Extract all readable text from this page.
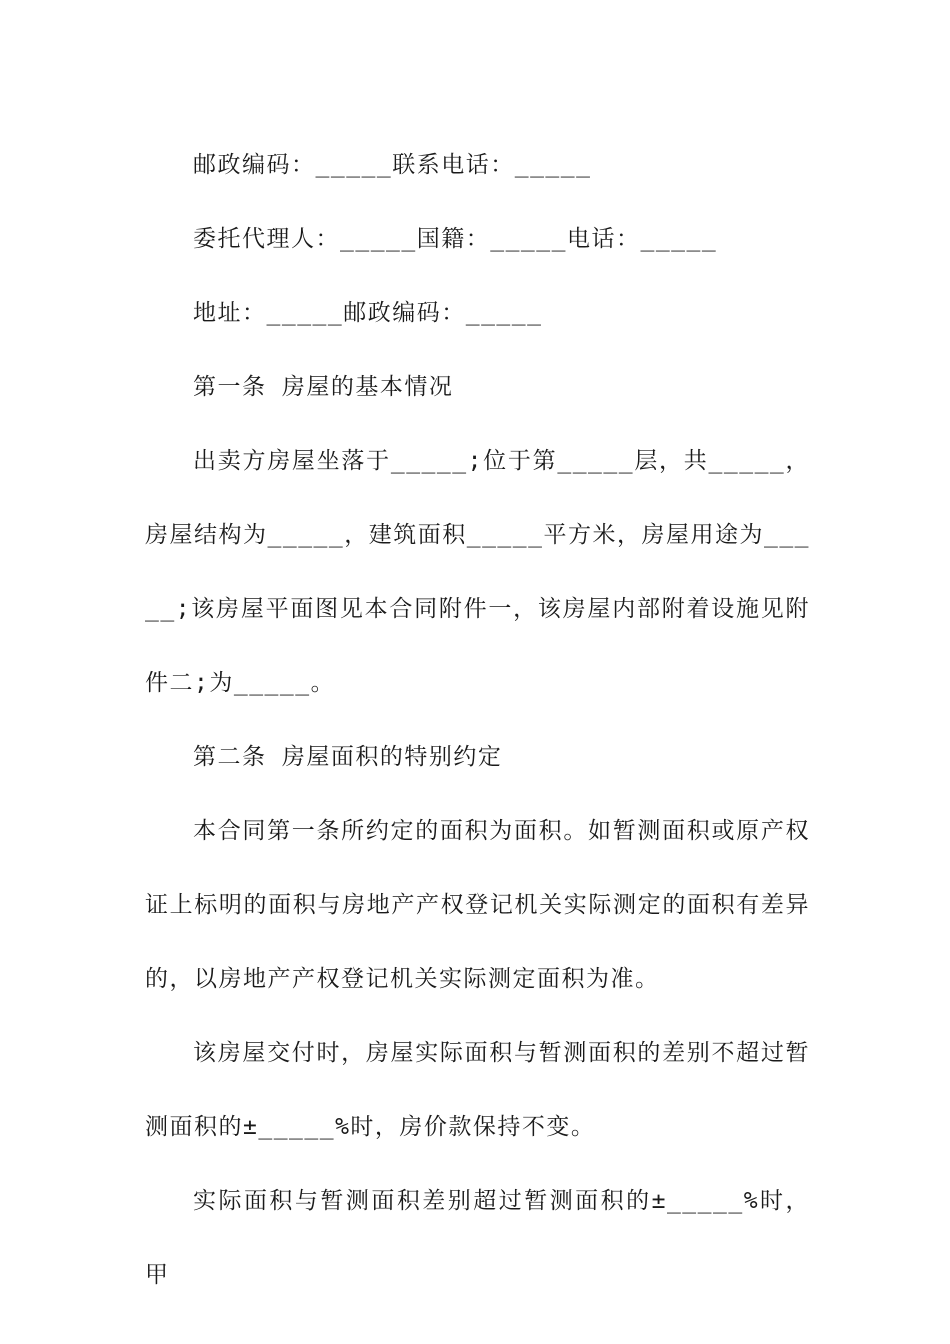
邮政编码：_____联系电话：_____

委托代理人：_____国籍：_____电话：_____

地址：_____邮政编码：_____

第一条 房屋的基本情况

出卖方房屋坐落于_____;位于第_____层，共_____，房屋结构为_____，建筑面积_____平方米，房屋用途为_____;该房屋平面图见本合同附件一，该房屋内部附着设施见附件二;为_____。

第二条 房屋面积的特别约定

本合同第一条所约定的面积为面积。如暂测面积或原产权证上标明的面积与房地产产权登记机关实际测定的面积有差异的，以房地产产权登记机关实际测定面积为准。

该房屋交付时，房屋实际面积与暂测面积的差别不超过暂测面积的±_____%时，房价款保持不变。

实际面积与暂测面积差别超过暂测面积的±_____%时，甲
